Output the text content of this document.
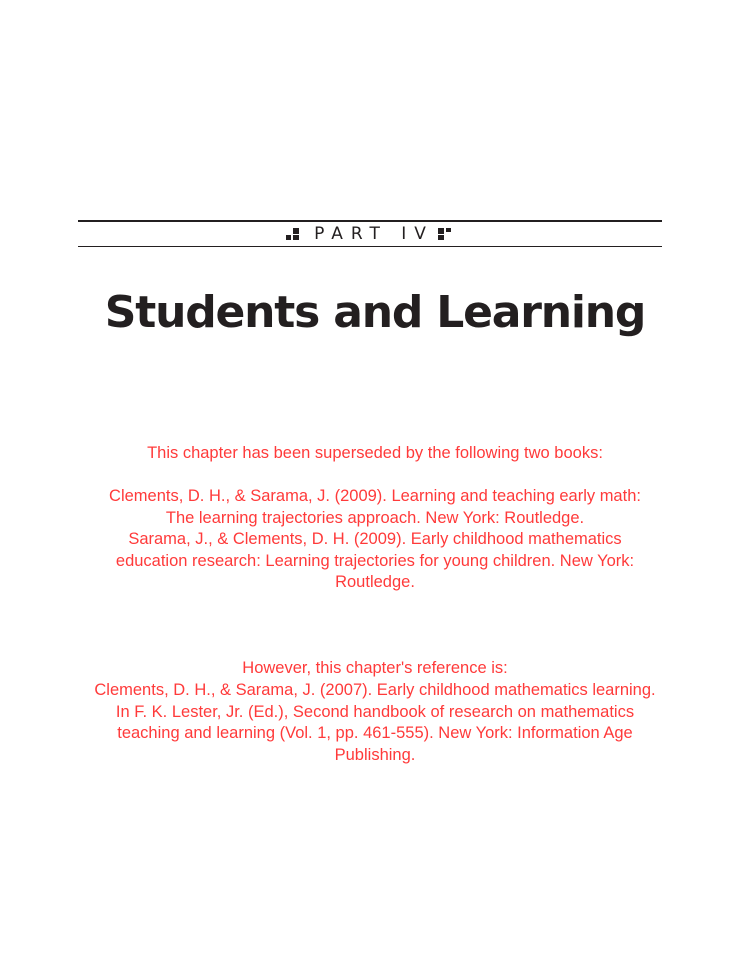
PART IV
Students and Learning

This chapter has been superseded by the following two books:

Clements, D. H., & Sarama, J. (2009). Learning and teaching early math:

The learning trajectories approach. New York: Routledge.

Sarama, J., & Clements, D. H. (2009). Early childhood mathematics

education research: Learning trajectories for young children. New York:

Routledge.

However, this chapter's reference is:

Clements, D. H., & Sarama, J. (2007). Early childhood mathematics learning.

In F. K. Lester, Jr. (Ed.), Second handbook of research on mathematics

teaching and learning (Vol. 1, pp. 461-555). New York: Information Age

Publishing.
